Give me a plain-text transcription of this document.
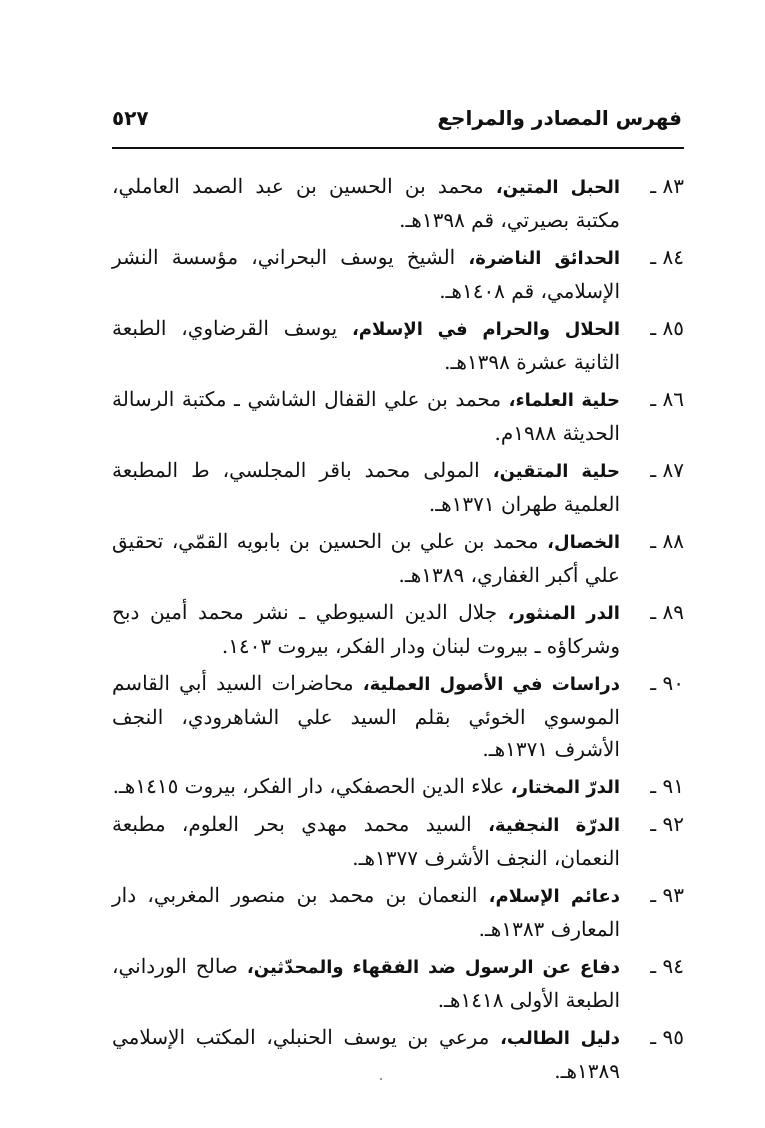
فهرس المصادر والمراجع
٥٢٧
٨٣ ـ
الحبل المتين، محمد بن الحسين بن عبد الصمد العاملي، مكتبة بصيرتي، قم ١٣٩٨هـ.
٨٤ ـ
الحدائق الناضرة، الشيخ يوسف البحراني، مؤسسة النشر الإسلامي، قم ١٤٠٨هـ.
٨٥ ـ
الحلال والحرام في الإسلام، يوسف القرضاوي، الطبعة الثانية عشرة ١٣٩٨هـ.
٨٦ ـ
حلية العلماء، محمد بن علي القفال الشاشي ـ مكتبة الرسالة الحديثة ١٩٨٨م.
٨٧ ـ
حلية المتقين، المولى محمد باقر المجلسي، ط المطبعة العلمية طهران ١٣٧١هـ.
٨٨ ـ
الخصال، محمد بن علي بن الحسين بن بابويه القمّي، تحقيق علي أكبر الغفاري، ١٣٨٩هـ.
٨٩ ـ
الدر المنثور، جلال الدين السيوطي ـ نشر محمد أمين دبح وشركاؤه ـ بيروت لبنان ودار الفكر، بيروت ١٤٠٣.
٩٠ ـ
دراسات في الأصول العملية، محاضرات السيد أبي القاسم الموسوي الخوئي بقلم السيد علي الشاهرودي، النجف الأشرف ١٣٧١هـ.
٩١ ـ
الدرّ المختار، علاء الدين الحصفكي، دار الفكر، بيروت ١٤١٥هـ.
٩٢ ـ
الدرّة النجفية، السيد محمد مهدي بحر العلوم، مطبعة النعمان، النجف الأشرف ١٣٧٧هـ.
٩٣ ـ
دعائم الإسلام، النعمان بن محمد بن منصور المغربي، دار المعارف ١٣٨٣هـ.
٩٤ ـ
دفاع عن الرسول ضد الفقهاء والمحدّثين، صالح الورداني، الطبعة الأولى ١٤١٨هـ.
٩٥ ـ
دليل الطالب، مرعي بن يوسف الحنبلي، المكتب الإسلامي ١٣٨٩هـ.
